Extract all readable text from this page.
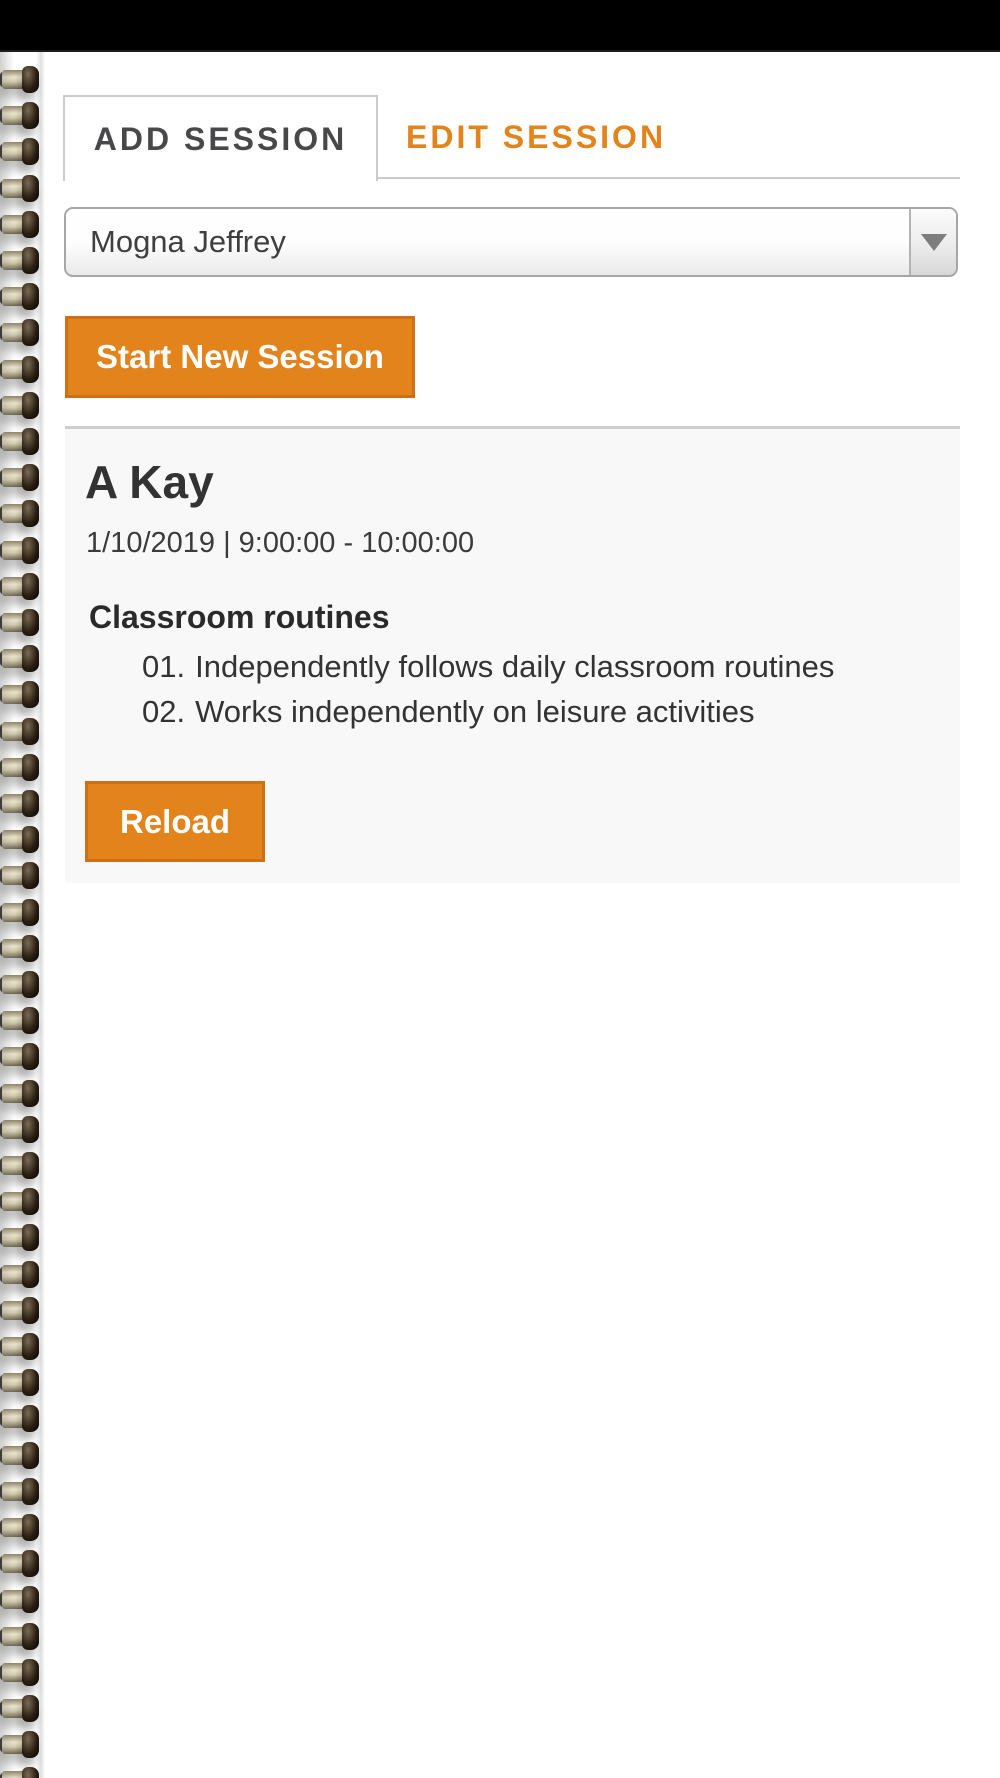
ADD SESSION	EDIT SESSION
Mogna Jeffrey
Start New Session
A Kay
1/10/2019 | 9:00:00 - 10:00:00
Classroom routines
01. Independently follows daily classroom routines
02. Works independently on leisure activities
Reload
